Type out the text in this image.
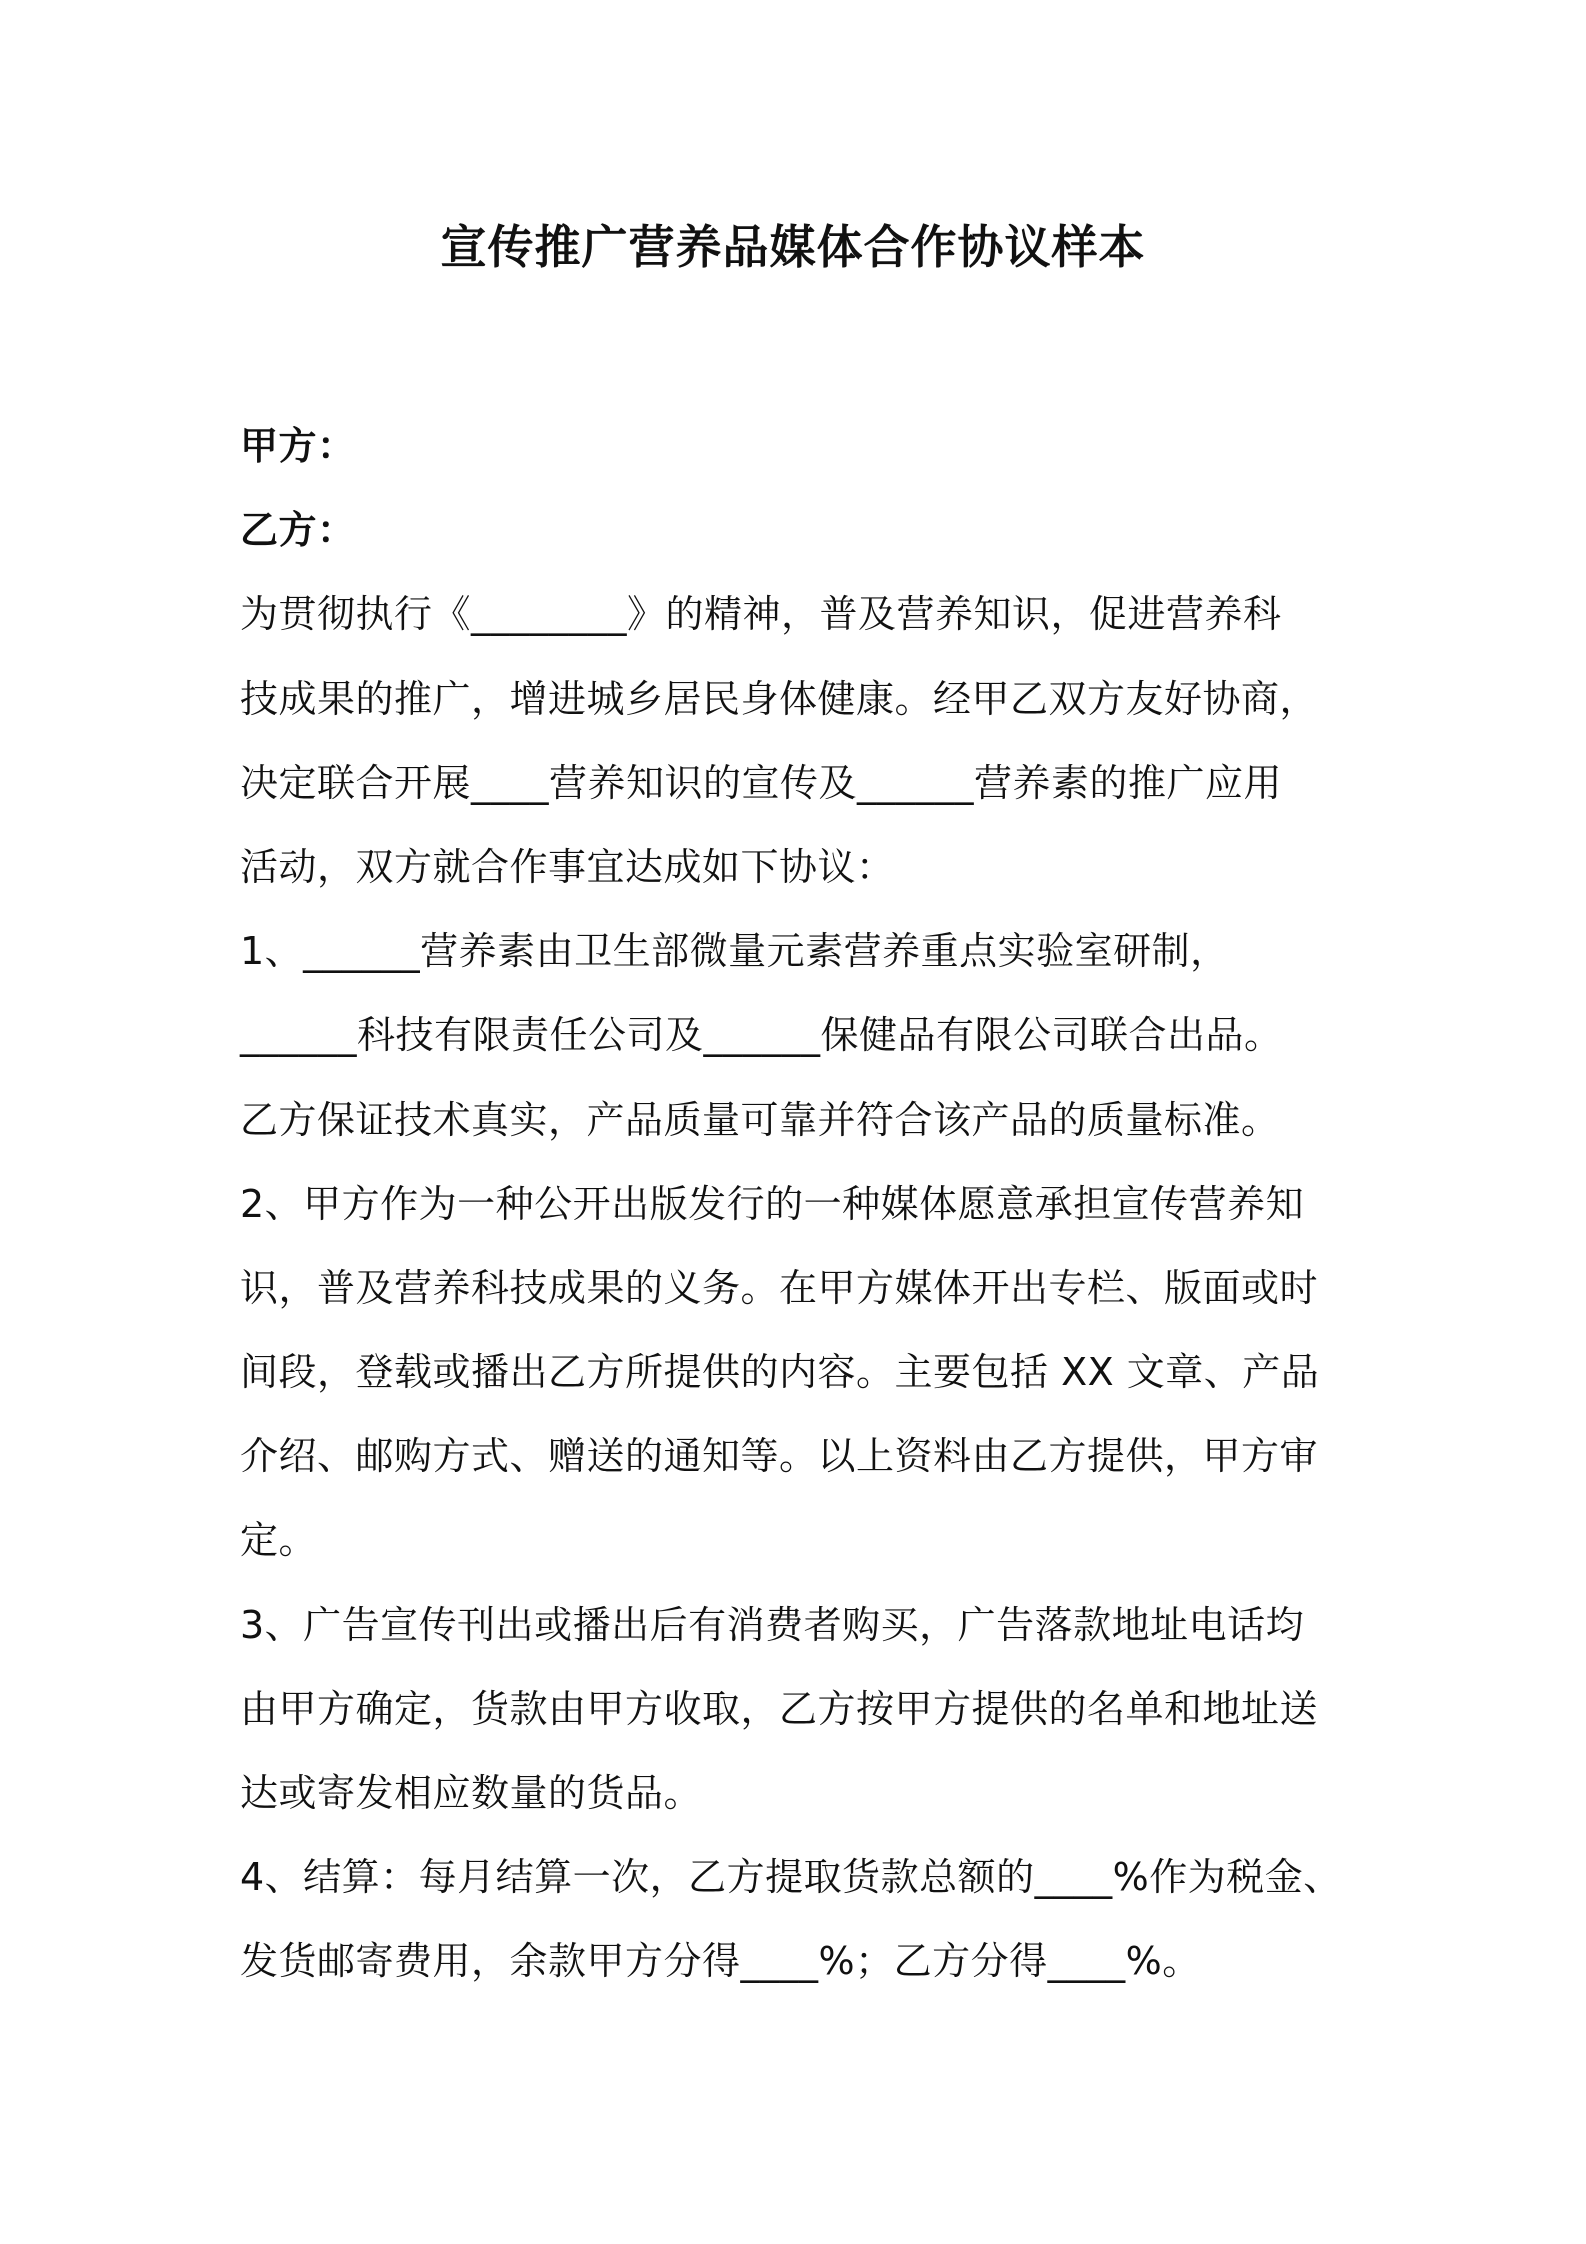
宣传推广营养品媒体合作协议样本
甲方：
乙方：
为贯彻执行《________》的精神，普及营养知识，促进营养科
技成果的推广，增进城乡居民身体健康。经甲乙双方友好协商，
决定联合开展____营养知识的宣传及______营养素的推广应用
活动，双方就合作事宜达成如下协议：
1、______营养素由卫生部微量元素营养重点实验室研制，
______科技有限责任公司及______保健品有限公司联合出品。
乙方保证技术真实，产品质量可靠并符合该产品的质量标准。
2、甲方作为一种公开出版发行的一种媒体愿意承担宣传营养知
识，普及营养科技成果的义务。在甲方媒体开出专栏、版面或时
间段，登载或播出乙方所提供的内容。主要包括 XX 文章、产品
介绍、邮购方式、赠送的通知等。以上资料由乙方提供，甲方审
定。
3、广告宣传刊出或播出后有消费者购买，广告落款地址电话均
由甲方确定，货款由甲方收取，乙方按甲方提供的名单和地址送
达或寄发相应数量的货品。
4、结算：每月结算一次，乙方提取货款总额的____%作为税金、
发货邮寄费用，余款甲方分得____%；乙方分得____%。
